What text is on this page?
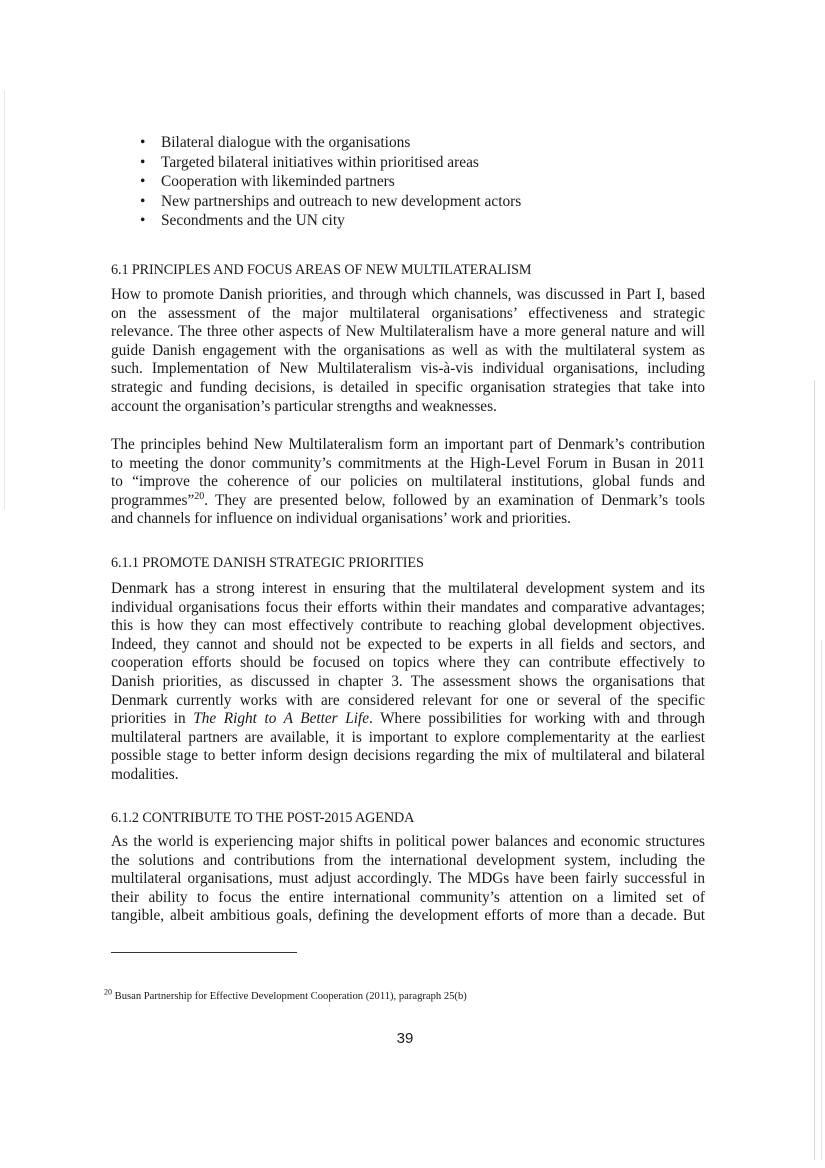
• Bilateral dialogue with the organisations
• Targeted bilateral initiatives within prioritised areas
• Cooperation with likeminded partners
• New partnerships and outreach to new development actors
• Secondments and the UN city
6.1 PRINCIPLES AND FOCUS AREAS OF NEW MULTILATERALISM
How to promote Danish priorities, and through which channels, was discussed in Part I, based
on the assessment of the major multilateral organisations’ effectiveness and strategic
relevance. The three other aspects of New Multilateralism have a more general nature and will
guide Danish engagement with the organisations as well as with the multilateral system as
such. Implementation of New Multilateralism vis-à-vis individual organisations, including
strategic and funding decisions, is detailed in specific organisation strategies that take into
account the organisation’s particular strengths and weaknesses.
The principles behind New Multilateralism form an important part of Denmark’s contribution
to meeting the donor community’s commitments at the High-Level Forum in Busan in 2011
to “improve the coherence of our policies on multilateral institutions, global funds and
programmes”$^{20}$. They are presented below, followed by an examination of Denmark’s tools
and channels for influence on individual organisations’ work and priorities.
6.1.1 PROMOTE DANISH STRATEGIC PRIORITIES
Denmark has a strong interest in ensuring that the multilateral development system and its
individual organisations focus their efforts within their mandates and comparative advantages;
this is how they can most effectively contribute to reaching global development objectives.
Indeed, they cannot and should not be expected to be experts in all fields and sectors, and
cooperation efforts should be focused on topics where they can contribute effectively to
Danish priorities, as discussed in chapter 3. The assessment shows the organisations that
Denmark currently works with are considered relevant for one or several of the specific
priorities in The Right to A Better Life. Where possibilities for working with and through
multilateral partners are available, it is important to explore complementarity at the earliest
possible stage to better inform design decisions regarding the mix of multilateral and bilateral
modalities.
6.1.2 CONTRIBUTE TO THE POST-2015 AGENDA
As the world is experiencing major shifts in political power balances and economic structures
the solutions and contributions from the international development system, including the
multilateral organisations, must adjust accordingly. The MDGs have been fairly successful in
their ability to focus the entire international community’s attention on a limited set of
tangible, albeit ambitious goals, defining the development efforts of more than a decade. But
$^{20}$ Busan Partnership for Effective Development Cooperation (2011), paragraph 25(b)
39
